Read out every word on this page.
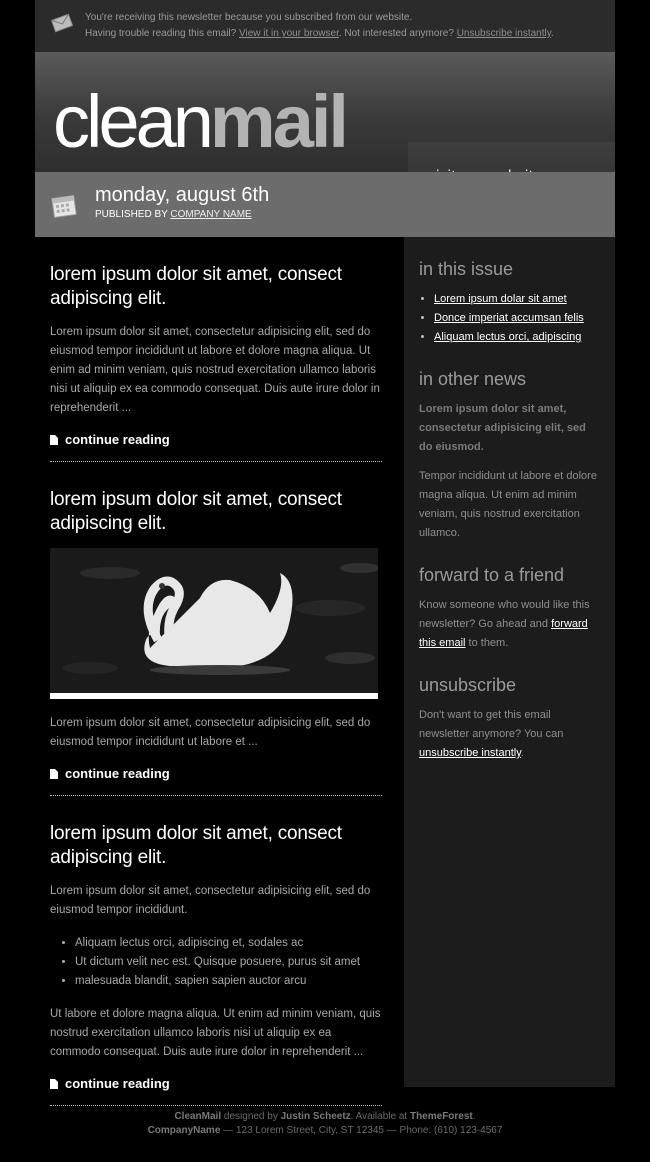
You're receiving this newsletter because you subscribed from our website.
Having trouble reading this email? View it in your browser. Not interested anymore? Unsubscribe instantly.
cleanmail
monday, august 6th
PUBLISHED BY COMPANY NAME
lorem ipsum dolor sit amet, consect adipiscing elit.

Lorem ipsum dolor sit amet, consectetur adipisicing elit, sed do eiusmod tempor incididunt ut labore et dolore magna aliqua. Ut enim ad minim veniam, quis nostrud exercitation ullamco laboris nisi ut aliquip ex ea commodo consequat. Duis aute irure dolor in reprehenderit ...

continue reading
lorem ipsum dolor sit amet, consect adipiscing elit.

Lorem ipsum dolor sit amet, consectetur adipisicing elit, sed do eiusmod tempor incididunt ut labore et ...

continue reading
lorem ipsum dolor sit amet, consect adipiscing elit.

Lorem ipsum dolor sit amet, consectetur adipisicing elit, sed do eiusmod tempor incididunt.

• Aliquam lectus orci, adipiscing et, sodales ac
• Ut dictum velit nec est. Quisque posuere, purus sit amet
• malesuada blandit, sapien sapien auctor arcu

Ut labore et dolore magna aliqua. Ut enim ad minim veniam, quis nostrud exercitation ullamco laboris nisi ut aliquip ex ea commodo consequat. Duis aute irure dolor in reprehenderit ...

continue reading
in this issue
• Lorem ipsum dolar sit amet
• Donce imperiat accumsan felis
• Aliquam lectus orci, adipiscing
in other news

Lorem ipsum dolor sit amet, consectetur adipisicing elit, sed do eiusmod.

Tempor incididunt ut labore et dolore magna aliqua. Ut enim ad minim veniam, quis nostrud exercitation ullamco.

forward to a friend

Know someone who would like this newsletter? Go ahead and forward this email to them.

unsubscribe

Don't want to get this email newsletter anymore? You can unsubscribe instantly.

CleanMail designed by Justin Scheetz. Available at ThemeForest.
CompanyName — 123 Lorem Street, City, ST 12345 — Phone: (610) 123-4567
